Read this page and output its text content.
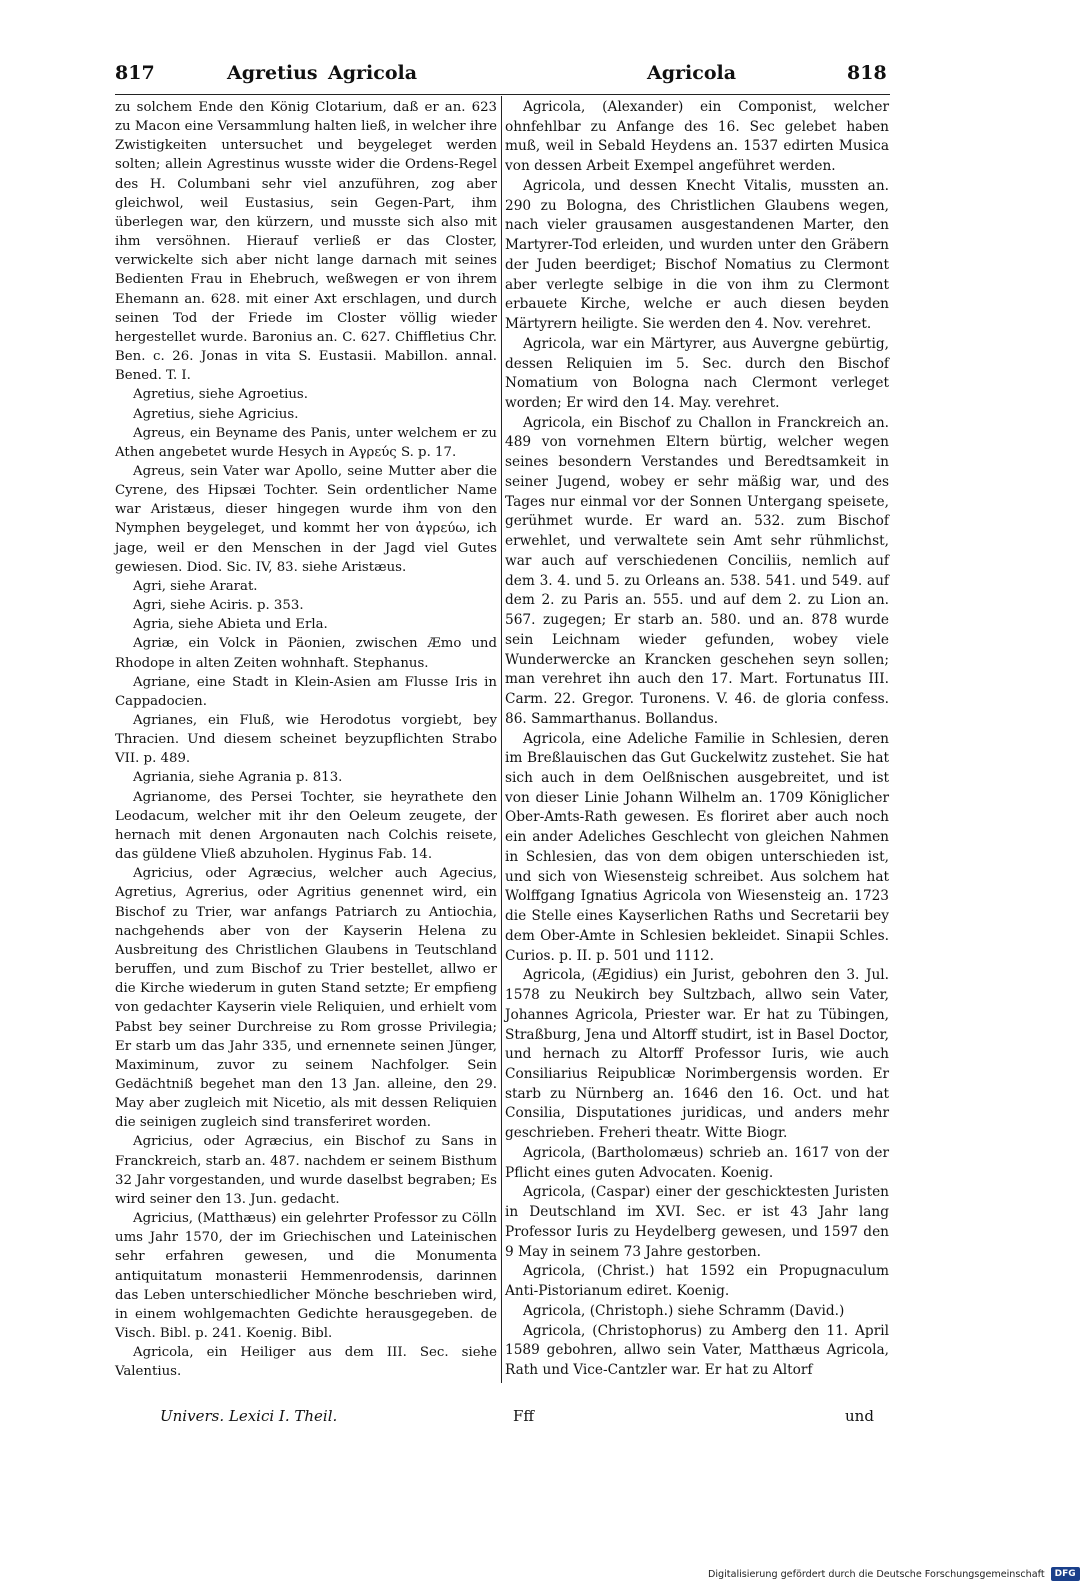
817	Agretius Agricola	Agricola	818

zu solchem Ende den König Clotarium, daß er an. 623 zu Macon eine Versammlung halten ließ, in welcher ihre Zwistigkeiten untersuchet und beygeleget werden solten; allein Agrestinus wusste wider die Ordens-Regel des H. Columbani sehr viel anzuführen, zog aber gleichwol, weil Eustasius, sein Gegen-Part, ihm überlegen war, den kürzern, und musste sich also mit ihm versöhnen. Hierauf verließ er das Closter, verwickelte sich aber nicht lange darnach mit seines Bedienten Frau in Ehebruch, weßwegen er von ihrem Ehemann an. 628. mit einer Axt erschlagen, und durch seinen Tod der Friede im Closter völlig wieder hergestellet wurde. Baronius an. C. 627. Chiffletius Chr. Ben. c. 26. Jonas in vita S. Eustasii. Mabillon. annal. Bened. T. I.

Agretius, siehe Agroetius.

Agretius, siehe Agricius.

Agreus, ein Beyname des Panis, unter welchem er zu Athen angebetet wurde Hesych in Αγρεύς S. p. 17.

Agreus, sein Vater war Apollo, seine Mutter aber die Cyrene, des Hipsæi Tochter. Sein ordentlicher Name war Aristæus, dieser hingegen wurde ihm von den Nymphen beygeleget, und kommt her von ἀγρεύω, ich jage, weil er den Menschen in der Jagd viel Gutes gewiesen. Diod. Sic. IV, 83. siehe Aristæus.

Agri, siehe Ararat.

Agri, siehe Aciris. p. 353.

Agria, siehe Abieta und Erla.

Agriæ, ein Volck in Päonien, zwischen Æmo und Rhodope in alten Zeiten wohnhaft. Stephanus.

Agriane, eine Stadt in Klein-Asien am Flusse Iris in Cappadocien.

Agrianes, ein Fluß, wie Herodotus vorgiebt, bey Thracien. Und diesem scheinet beyzupflichten Strabo VII. p. 489.

Agriania, siehe Agrania p. 813.

Agrianome, des Persei Tochter, sie heyrathete den Leodacum, welcher mit ihr den Oeleum zeugete, der hernach mit denen Argonauten nach Colchis reisete, das güldene Vließ abzuholen. Hyginus Fab. 14.

Agricius, oder Agræcius, welcher auch Agecius, Agretius, Agrerius, oder Agritius genennet wird, ein Bischof zu Trier, war anfangs Patriarch zu Antiochia, nachgehends aber von der Kayserin Helena zu Ausbreitung des Christlichen Glaubens in Teutschland beruffen, und zum Bischof zu Trier bestellet, allwo er die Kirche wiederum in guten Stand setzte; Er empfieng von gedachter Kayserin viele Reliquien, und erhielt vom Pabst bey seiner Durchreise zu Rom grosse Privilegia; Er starb um das Jahr 335, und ernennete seinen Jünger, Maximinum, zuvor zu seinem Nachfolger. Sein Gedächtniß begehet man den 13 Jan. alleine, den 29. May aber zugleich mit Nicetio, als mit dessen Reliquien die seinigen zugleich sind transferiret worden.

Agricius, oder Agræcius, ein Bischof zu Sans in Franckreich, starb an. 487. nachdem er seinem Bisthum 32 Jahr vorgestanden, und wurde daselbst begraben; Es wird seiner den 13. Jun. gedacht.

Agricius, (Matthæus) ein gelehrter Professor zu Cölln ums Jahr 1570, der im Griechischen und Lateinischen sehr erfahren gewesen, und die Monumenta antiquitatum monasterii Hemmenrodensis, darinnen das Leben unterschiedlicher Mönche beschrieben wird, in einem wohlgemachten Gedichte herausgegeben. de Visch. Bibl. p. 241. Koenig. Bibl.

Agricola, ein Heiliger aus dem III. Sec. siehe Valentius.

Agricola, (Alexander) ein Componist, welcher ohnfehlbar zu Anfange des 16. Sec gelebet haben muß, weil in Sebald Heydens an. 1537 edirten Musica von dessen Arbeit Exempel angeführet werden.

Agricola, und dessen Knecht Vitalis, mussten an. 290 zu Bologna, des Christlichen Glaubens wegen, nach vieler grausamen ausgestandenen Marter, den Martyrer-Tod erleiden, und wurden unter den Gräbern der Juden beerdiget; Bischof Nomatius zu Clermont aber verlegte selbige in die von ihm zu Clermont erbauete Kirche, welche er auch diesen beyden Märtyrern heiligte. Sie werden den 4. Nov. verehret.

Agricola, war ein Märtyrer, aus Auvergne gebürtig, dessen Reliquien im 5. Sec. durch den Bischof Nomatium von Bologna nach Clermont verleget worden; Er wird den 14. May. verehret.

Agricola, ein Bischof zu Challon in Franckreich an. 489 von vornehmen Eltern bürtig, welcher wegen seines besondern Verstandes und Beredtsamkeit in seiner Jugend, wobey er sehr mäßig war, und des Tages nur einmal vor der Sonnen Untergang speisete, gerühmet wurde. Er ward an. 532. zum Bischof erwehlet, und verwaltete sein Amt sehr rühmlichst, war auch auf verschiedenen Conciliis, nemlich auf dem 3. 4. und 5. zu Orleans an. 538. 541. und 549. auf dem 2. zu Paris an. 555. und auf dem 2. zu Lion an. 567. zugegen; Er starb an. 580. und an. 878 wurde sein Leichnam wieder gefunden, wobey viele Wunderwercke an Krancken geschehen seyn sollen; man verehret ihn auch den 17. Mart. Fortunatus III. Carm. 22. Gregor. Turonens. V. 46. de gloria confess. 86. Sammarthanus. Bollandus.

Agricola, eine Adeliche Familie in Schlesien, deren im Breßlauischen das Gut Guckelwitz zustehet. Sie hat sich auch in dem Oelßnischen ausgebreitet, und ist von dieser Linie Johann Wilhelm an. 1709 Königlicher Ober-Amts-Rath gewesen. Es floriret aber auch noch ein ander Adeliches Geschlecht von gleichen Nahmen in Schlesien, das von dem obigen unterschieden ist, und sich von Wiesensteig schreibet. Aus solchem hat Wolffgang Ignatius Agricola von Wiesensteig an. 1723 die Stelle eines Kayserlichen Raths und Secretarii bey dem Ober-Amte in Schlesien bekleidet. Sinapii Schles. Curios. p. II. p. 501 und 1112.

Agricola, (Ægidius) ein Jurist, gebohren den 3. Jul. 1578 zu Neukirch bey Sultzbach, allwo sein Vater, Johannes Agricola, Priester war. Er hat zu Tübingen, Straßburg, Jena und Altorff studirt, ist in Basel Doctor, und hernach zu Altorff Professor Iuris, wie auch Consiliarius Reipublicæ Norimbergensis worden. Er starb zu Nürnberg an. 1646 den 16. Oct. und hat Consilia, Disputationes juridicas, und anders mehr geschrieben. Freheri theatr. Witte Biogr.

Agricola, (Bartholomæus) schrieb an. 1617 von der Pflicht eines guten Advocaten. Koenig.

Agricola, (Caspar) einer der geschicktesten Juristen in Deutschland im XVI. Sec. er ist 43 Jahr lang Professor Iuris zu Heydelberg gewesen, und 1597 den 9 May in seinem 73 Jahre gestorben.

Agricola, (Christ.) hat 1592 ein Propugnaculum Anti-Pistorianum ediret. Koenig.

Agricola, (Christoph.) siehe Schramm (David.)

Agricola, (Christophorus) zu Amberg den 11. April 1589 gebohren, allwo sein Vater, Matthæus Agricola, Rath und Vice-Cantzler war. Er hat zu Altorf

Univers. Lexici I. Theil.	Fff	und
Digitalisierung gefördert durch die Deutsche Forschungsgemeinschaft	DFG
